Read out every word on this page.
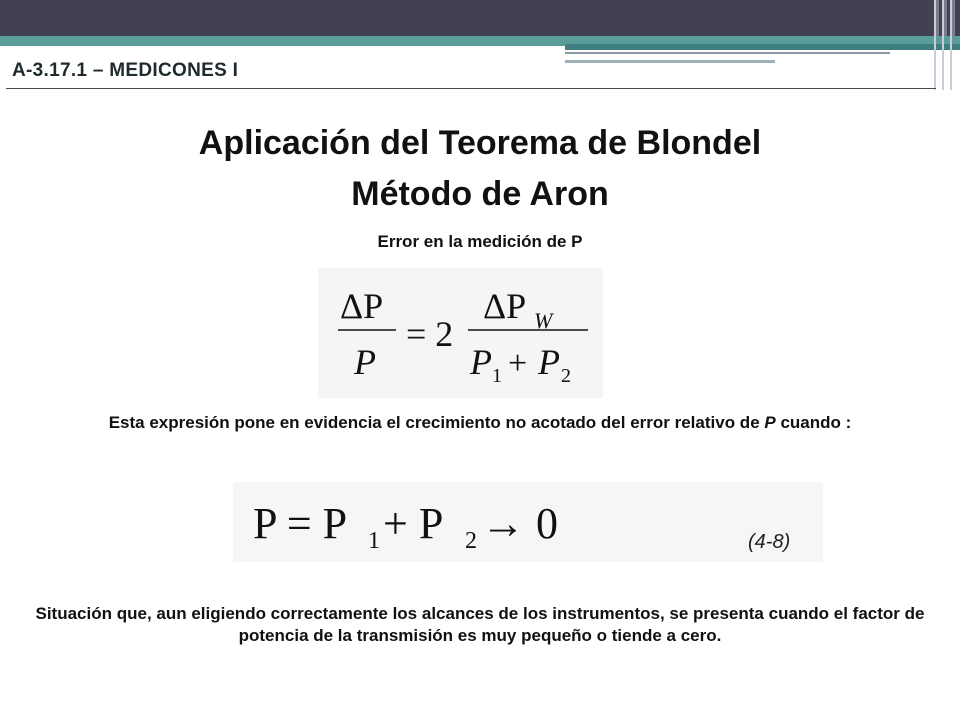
A-3.17.1 – MEDICONES I
Aplicación del Teorema de Blondel
Método de Aron
Error en la medición de P
ΔP
P
= 2
ΔP W
P 1 + P 2
Esta expresión pone en evidencia el crecimiento no acotado del error relativo de P cuando :
P = P 1 + P 2 → 0	(4-8)
Situación que, aun eligiendo correctamente los alcances de los instrumentos, se presenta cuando el factor de potencia de la transmisión es muy pequeño o tiende a cero.
